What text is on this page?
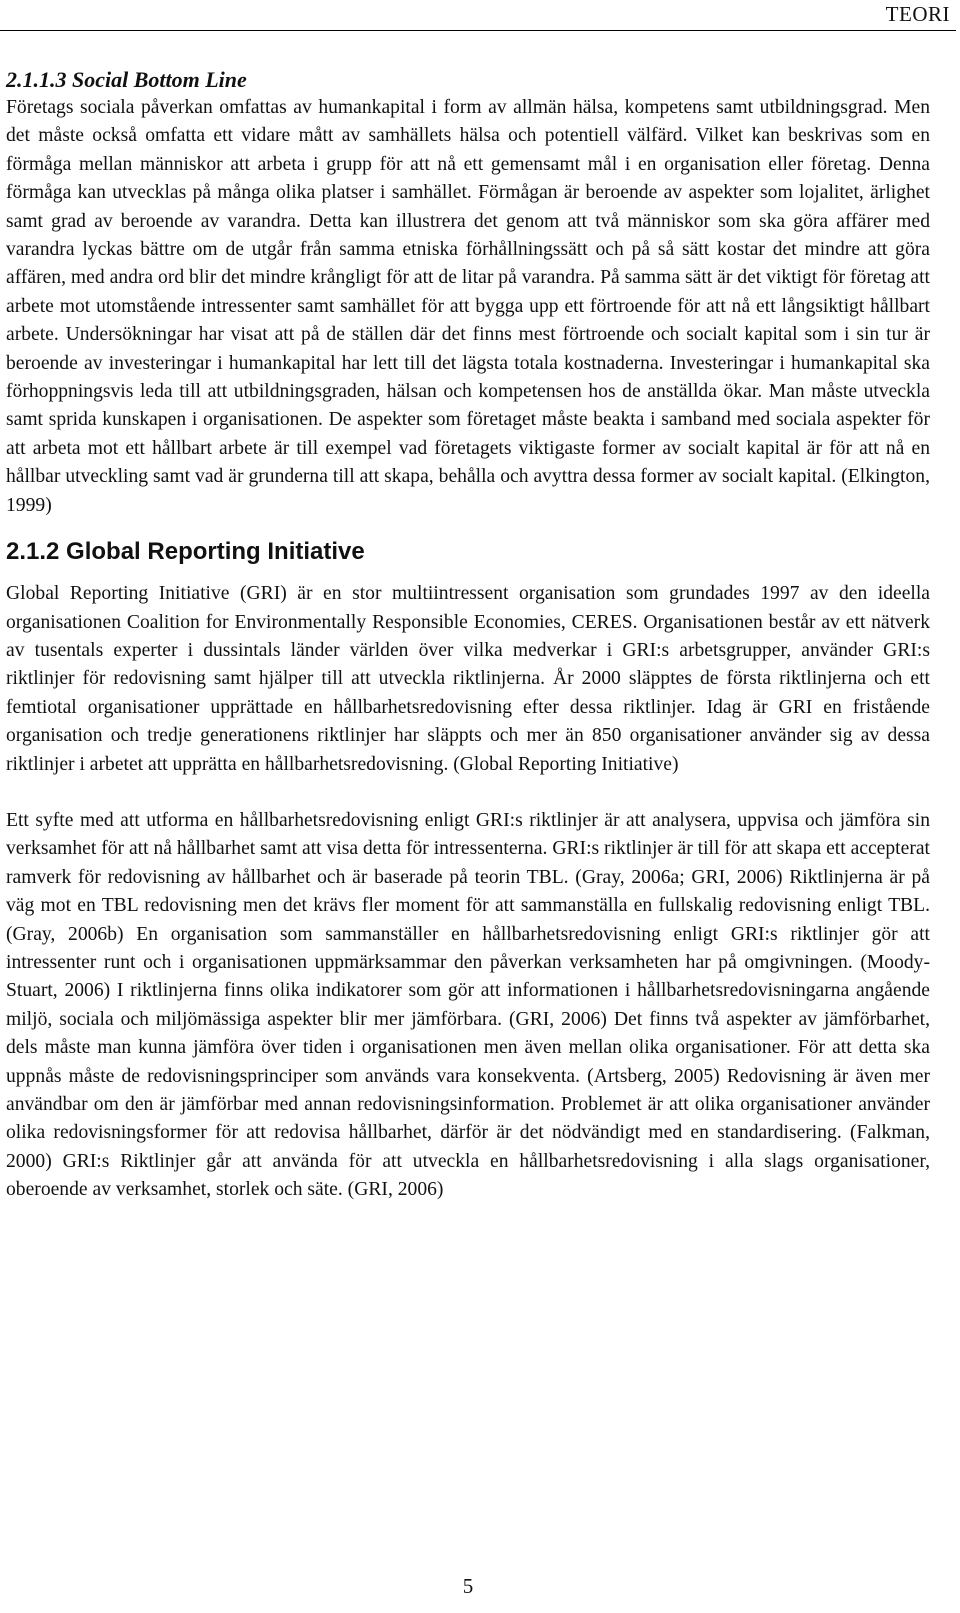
TEORI
2.1.1.3 Social Bottom Line

Företags sociala påverkan omfattas av humankapital i form av allmän hälsa, kompetens samt utbildningsgrad. Men det måste också omfatta ett vidare mått av samhällets hälsa och potentiell välfärd. Vilket kan beskrivas som en förmåga mellan människor att arbeta i grupp för att nå ett gemensamt mål i en organisation eller företag. Denna förmåga kan utvecklas på många olika platser i samhället. Förmågan är beroende av aspekter som lojalitet, ärlighet samt grad av beroende av varandra. Detta kan illustrera det genom att två människor som ska göra affärer med varandra lyckas bättre om de utgår från samma etniska förhållningssätt och på så sätt kostar det mindre att göra affären, med andra ord blir det mindre krångligt för att de litar på varandra. På samma sätt är det viktigt för företag att arbete mot utomstående intressenter samt samhället för att bygga upp ett förtroende för att nå ett långsiktigt hållbart arbete. Undersökningar har visat att på de ställen där det finns mest förtroende och socialt kapital som i sin tur är beroende av investeringar i humankapital har lett till det lägsta totala kostnaderna. Investeringar i humankapital ska förhoppningsvis leda till att utbildningsgraden, hälsan och kompetensen hos de anställda ökar. Man måste utveckla samt sprida kunskapen i organisationen. De aspekter som företaget måste beakta i samband med sociala aspekter för att arbeta mot ett hållbart arbete är till exempel vad företagets viktigaste former av socialt kapital är för att nå en hållbar utveckling samt vad är grunderna till att skapa, behålla och avyttra dessa former av socialt kapital. (Elkington, 1999)

2.1.2 Global Reporting Initiative

Global Reporting Initiative (GRI) är en stor multiintressent organisation som grundades 1997 av den ideella organisationen Coalition for Environmentally Responsible Economies, CERES. Organisationen består av ett nätverk av tusentals experter i dussintals länder världen över vilka medverkar i GRI:s arbetsgrupper, använder GRI:s riktlinjer för redovisning samt hjälper till att utveckla riktlinjerna. År 2000 släpptes de första riktlinjerna och ett femtiotal organisationer upprättade en hållbarhetsredovisning efter dessa riktlinjer. Idag är GRI en fristående organisation och tredje generationens riktlinjer har släppts och mer än 850 organisationer använder sig av dessa riktlinjer i arbetet att upprätta en hållbarhetsredovisning. (Global Reporting Initiative)

Ett syfte med att utforma en hållbarhetsredovisning enligt GRI:s riktlinjer är att analysera, uppvisa och jämföra sin verksamhet för att nå hållbarhet samt att visa detta för intressenterna. GRI:s riktlinjer är till för att skapa ett accepterat ramverk för redovisning av hållbarhet och är baserade på teorin TBL. (Gray, 2006a; GRI, 2006) Riktlinjerna är på väg mot en TBL redovisning men det krävs fler moment för att sammanställa en fullskalig redovisning enligt TBL. (Gray, 2006b) En organisation som sammanställer en hållbarhetsredovisning enligt GRI:s riktlinjer gör att intressenter runt och i organisationen uppmärksammar den påverkan verksamheten har på omgivningen. (Moody-Stuart, 2006) I riktlinjerna finns olika indikatorer som gör att informationen i hållbarhetsredovisningarna angående miljö, sociala och miljömässiga aspekter blir mer jämförbara. (GRI, 2006) Det finns två aspekter av jämförbarhet, dels måste man kunna jämföra över tiden i organisationen men även mellan olika organisationer. För att detta ska uppnås måste de redovisningsprinciper som används vara konsekventa. (Artsberg, 2005) Redovisning är även mer användbar om den är jämförbar med annan redovisningsinformation. Problemet är att olika organisationer använder olika redovisningsformer för att redovisa hållbarhet, därför är det nödvändigt med en standardisering. (Falkman, 2000) GRI:s Riktlinjer går att använda för att utveckla en hållbarhetsredovisning i alla slags organisationer, oberoende av verksamhet, storlek och säte. (GRI, 2006)

5
